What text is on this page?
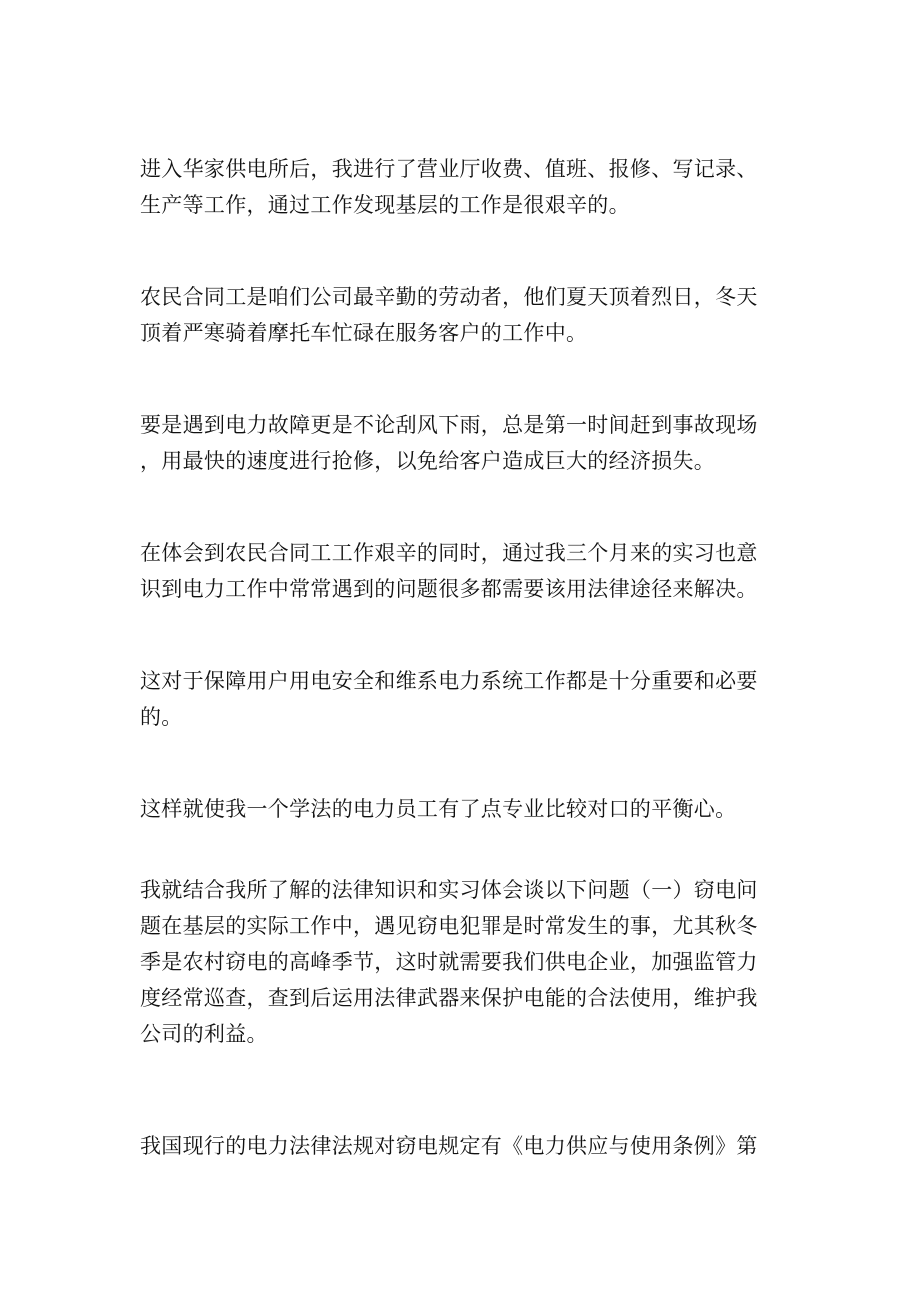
进入华家供电所后，我进行了营业厅收费、值班、报修、写记录、
生产等工作，通过工作发现基层的工作是很艰辛的。

农民合同工是咱们公司最辛勤的劳动者，他们夏天顶着烈日，冬天
顶着严寒骑着摩托车忙碌在服务客户的工作中。

要是遇到电力故障更是不论刮风下雨，总是第一时间赶到事故现场
，用最快的速度进行抢修，以免给客户造成巨大的经济损失。

在体会到农民合同工工作艰辛的同时，通过我三个月来的实习也意
识到电力工作中常常遇到的问题很多都需要该用法律途径来解决。

这对于保障用户用电安全和维系电力系统工作都是十分重要和必要
的。

这样就使我一个学法的电力员工有了点专业比较对口的平衡心。

我就结合我所了解的法律知识和实习体会谈以下问题（一）窃电问
题在基层的实际工作中，遇见窃电犯罪是时常发生的事，尤其秋冬
季是农村窃电的高峰季节，这时就需要我们供电企业，加强监管力
度经常巡查，查到后运用法律武器来保护电能的合法使用，维护我
公司的利益。

我国现行的电力法律法规对窃电规定有《电力供应与使用条例》第
